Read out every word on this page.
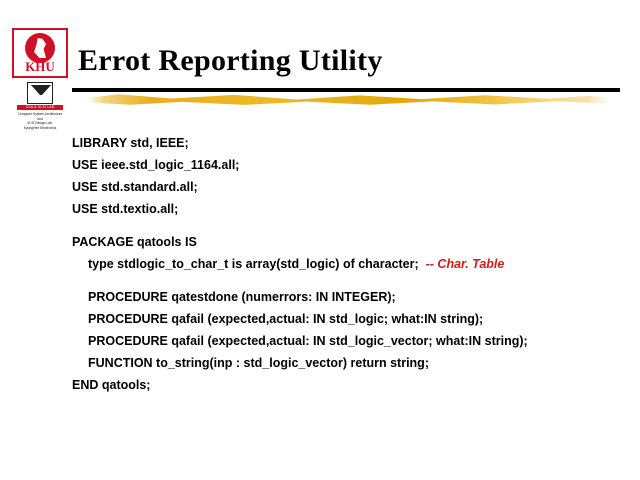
KHU
CSA & VLSI LAB
Computer System Architecture
and
VLSI Design Lab.
KyungHee Electronics
Errot Reporting Utility
LIBRARY std, IEEE;
USE ieee.std_logic_1164.all;
USE std.standard.all;
USE std.textio.all;
PACKAGE qatools IS
type stdlogic_to_char_t is array(std_logic) of character;  -- Char. Table
PROCEDURE qatestdone (numerrors: IN INTEGER);
PROCEDURE qafail (expected,actual: IN std_logic; what:IN string);
PROCEDURE qafail (expected,actual: IN std_logic_vector; what:IN string);
FUNCTION to_string(inp : std_logic_vector) return string;
END qatools;
